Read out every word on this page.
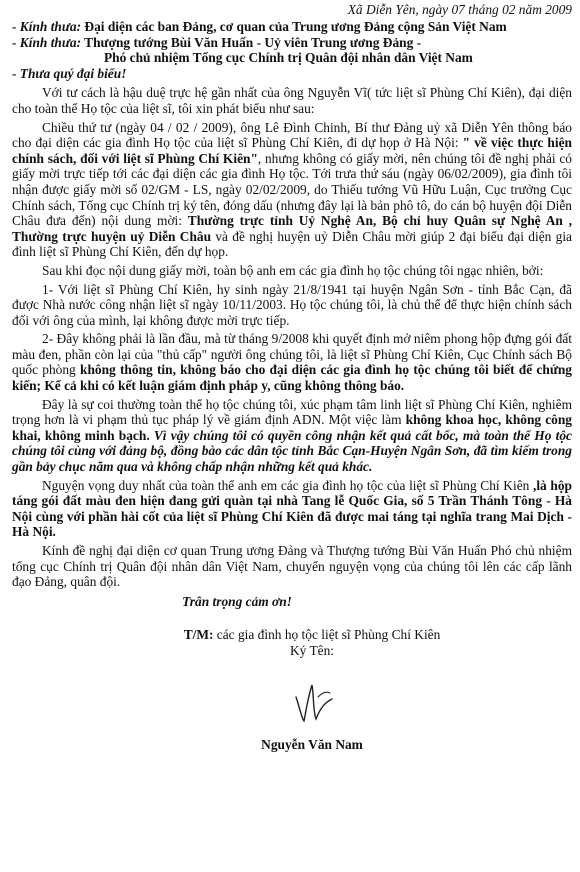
Xã Diễn Yên, ngày 07 tháng 02 năm 2009
- Kính thưa: Đại diện các ban Đảng, cơ quan của Trung ương Đảng cộng Sản Việt Nam
- Kính thưa: Thượng tướng Bùi Văn Huấn - Uỷ viên Trung ương Đảng -
Phó chủ nhiệm Tổng cục Chính trị Quân đội nhân dân Việt Nam
- Thưa quý đại biểu!

Với tư cách là hậu duệ trực hệ gần nhất của ông Nguyễn Vĩ( tức liệt sĩ Phùng Chí Kiên), đại diện cho toàn thể Họ tộc của liệt sĩ, tôi xin phát biểu như sau:

Chiều thứ tư (ngày 04 / 02 / 2009), ông Lê Đình Chinh, Bí thư Đảng uỷ xã Diễn Yên thông báo cho đại diện các gia đình Họ tộc của liệt sĩ Phùng Chí Kiên, đi dự họp ở Hà Nội: " về việc thực hiện chính sách, đối với liệt sĩ Phùng Chí Kiên", nhưng không có giấy mời, nên chúng tôi đề nghị phải có giấy mời trực tiếp tới các đại diện các gia đình Họ tộc. Tới trưa thứ sáu (ngày 06/02/2009), gia đình tôi nhận được giấy mời số 02/GM - LS, ngày 02/02/2009, do Thiếu tướng Vũ Hữu Luận, Cục trưởng Cục Chính sách, Tổng cục Chính trị ký tên, đóng dấu (nhưng đây lại là bản phô tô, do cán bộ huyện đội Diễn Châu đưa đến) nội dung mời: Thường trực tỉnh Uỷ Nghệ An, Bộ chỉ huy Quân sự Nghệ An , Thường trực huyện uỷ Diễn Châu và đề nghị huyện uỷ Diễn Châu mời giúp 2 đại biểu đại diện gia đình liệt sĩ Phùng Chí Kiên, đến dự họp.

Sau khi đọc nội dung giấy mời, toàn bộ anh em các gia đình họ tộc chúng tôi ngạc nhiên, bởi:

1- Với liệt sĩ Phùng Chí Kiên, hy sinh ngày 21/8/1941 tại huyện Ngân Sơn - tỉnh Bắc Cạn, đã được Nhà nước công nhận liệt sĩ ngày 10/11/2003. Họ tộc chúng tôi, là chủ thể để thực hiện chính sách đối với ông của mình, lại không được mời trực tiếp.

2- Đây không phải là lần đầu, mà từ tháng 9/2008 khi quyết định mở niêm phong hộp đựng gói đất màu đen, phần còn lại của "thủ cấp" người ông chúng tôi, là liệt sĩ Phùng Chí Kiên, Cục Chính sách Bộ quốc phòng không thông tin, không báo cho đại diện các gia đình họ tộc chúng tôi biết để chứng kiến; Kể cả khi có kết luận giám định pháp y, cũng không thông báo.

Đây là sự coi thường toàn thể họ tộc chúng tôi, xúc phạm tâm linh liệt sĩ Phùng Chí Kiên, nghiêm trọng hơn là vi phạm thủ tục pháp lý về giám định ADN. Một việc làm không khoa học, không công khai, không minh bạch. Vì vậy chúng tôi có quyền công nhận kết quả cất bốc, mà toàn thể Họ tộc chúng tôi cùng với đảng bộ, đồng bào các dân tộc tỉnh Bắc Cạn-Huyện Ngân Sơn, đã tìm kiếm trong gần bảy chục năm qua và không chấp nhận những kết quả khác.

Nguyện vọng duy nhất của toàn thể anh em các gia đình họ tộc của liệt sĩ Phùng Chí Kiên ,là hộp táng gói đất màu đen hiện đang gửi quàn tại nhà Tang lễ Quốc Gia, số 5 Trần Thánh Tông - Hà Nội cùng với phần hài cốt của liệt sĩ Phùng Chí Kiên đã được mai táng tại nghĩa trang Mai Dịch - Hà Nội.

Kính đề nghị đại diện cơ quan Trung ương Đảng và Thượng tướng Bùi Văn Huấn Phó chủ nhiệm tổng cục Chính trị Quân đội nhân dân Việt Nam, chuyển nguyện vọng của chúng tôi lên các cấp lãnh đạo Đảng, quân đội.

Trân trọng cảm ơn!
T/M: các gia đình họ tộc liệt sĩ Phùng Chí Kiên
Ký Tên:
Nguyễn Văn Nam
